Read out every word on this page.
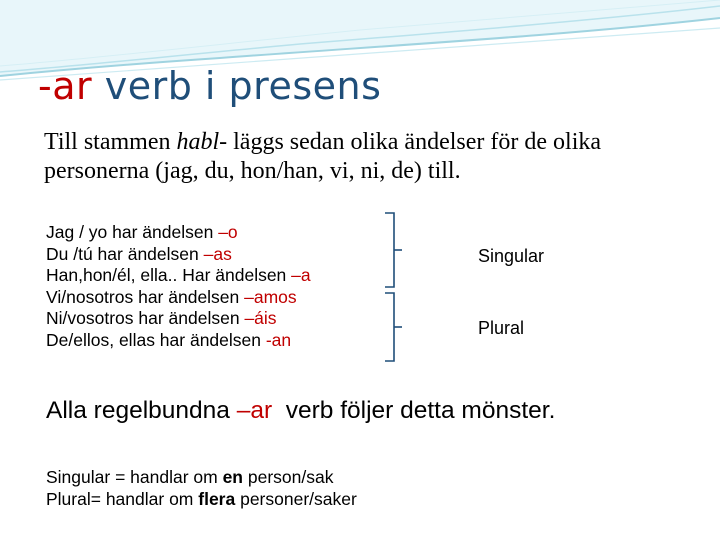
-ar verb i presens
Till stammen habl- läggs sedan olika ändelser för de olika personerna (jag, du, hon/han, vi, ni, de) till.
Jag / yo har ändelsen –o
Du /tú har ändelsen –as
Han,hon/él, ella.. Har ändelsen –a
Vi/nosotros har ändelsen –amos
Ni/vosotros har ändelsen –áis
De/ellos, ellas har ändelsen -an
Singular
Plural
Alla regelbundna –ar  verb följer detta mönster.
Singular = handlar om en person/sak
Plural= handlar om flera personer/saker
